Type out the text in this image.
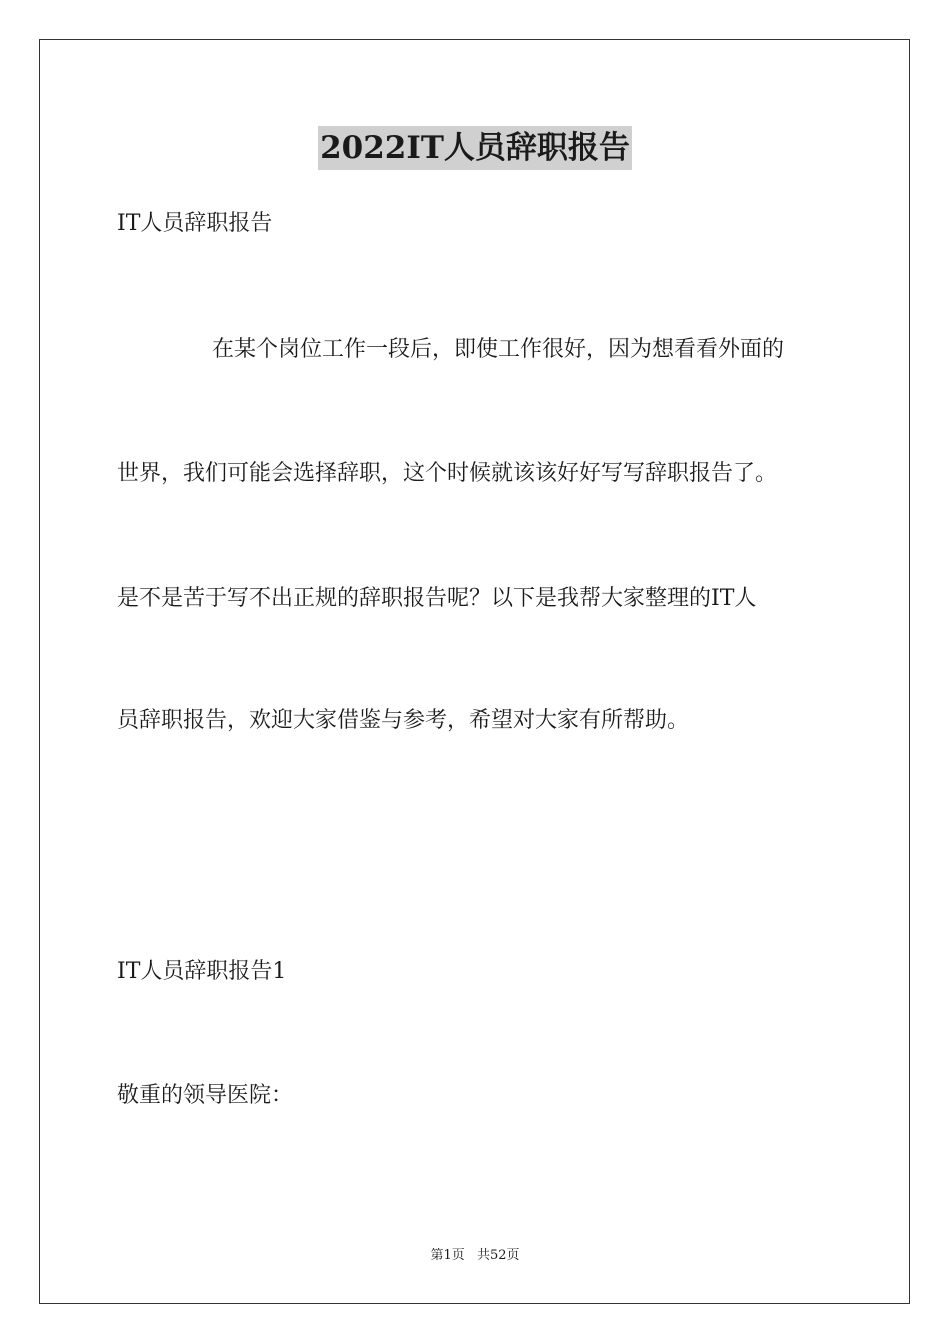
2022IT人员辞职报告
IT人员辞职报告
在某个岗位工作一段后，即使工作很好，因为想看看外面的
世界，我们可能会选择辞职，这个时候就该该好好写写辞职报告了。
是不是苦于写不出正规的辞职报告呢？以下是我帮大家整理的IT人
员辞职报告，欢迎大家借鉴与参考，希望对大家有所帮助。
IT人员辞职报告1
敬重的领导医院：
第1页 共52页
